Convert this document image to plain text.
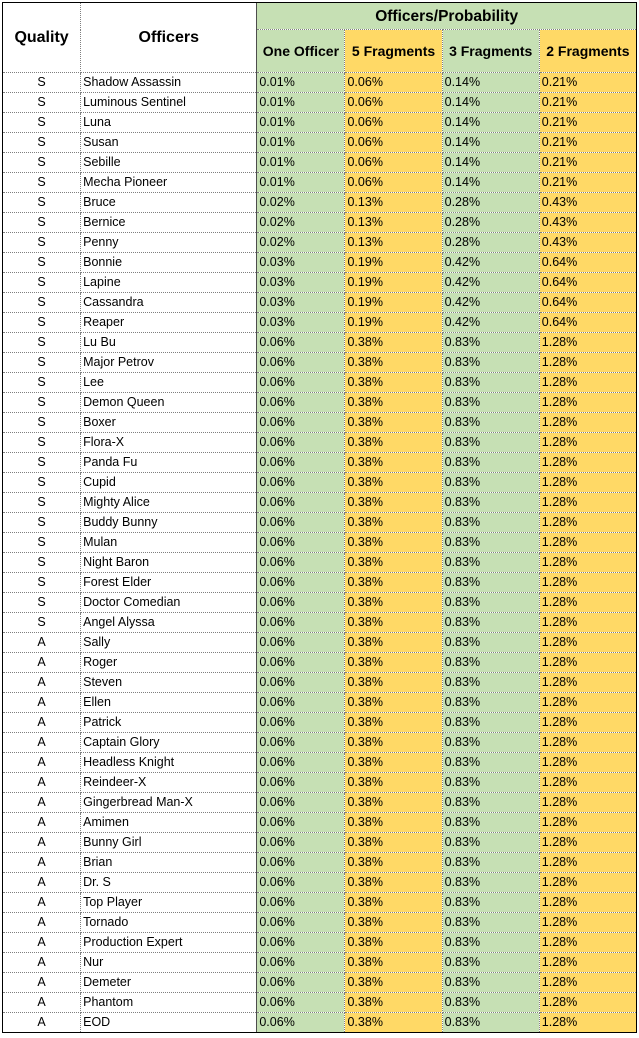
Quality	Officers	Officers/Probability			
		One Officer	5 Fragments	3 Fragments	2 Fragments
S	Shadow Assassin	0.01%	0.06%	0.14%	0.21%
S	Luminous Sentinel	0.01%	0.06%	0.14%	0.21%
S	Luna	0.01%	0.06%	0.14%	0.21%
S	Susan	0.01%	0.06%	0.14%	0.21%
S	Sebille	0.01%	0.06%	0.14%	0.21%
S	Mecha Pioneer	0.01%	0.06%	0.14%	0.21%
S	Bruce	0.02%	0.13%	0.28%	0.43%
S	Bernice	0.02%	0.13%	0.28%	0.43%
S	Penny	0.02%	0.13%	0.28%	0.43%
S	Bonnie	0.03%	0.19%	0.42%	0.64%
S	Lapine	0.03%	0.19%	0.42%	0.64%
S	Cassandra	0.03%	0.19%	0.42%	0.64%
S	Reaper	0.03%	0.19%	0.42%	0.64%
S	Lu Bu	0.06%	0.38%	0.83%	1.28%
S	Major Petrov	0.06%	0.38%	0.83%	1.28%
S	Lee	0.06%	0.38%	0.83%	1.28%
S	Demon Queen	0.06%	0.38%	0.83%	1.28%
S	Boxer	0.06%	0.38%	0.83%	1.28%
S	Flora-X	0.06%	0.38%	0.83%	1.28%
S	Panda Fu	0.06%	0.38%	0.83%	1.28%
S	Cupid	0.06%	0.38%	0.83%	1.28%
S	Mighty Alice	0.06%	0.38%	0.83%	1.28%
S	Buddy Bunny	0.06%	0.38%	0.83%	1.28%
S	Mulan	0.06%	0.38%	0.83%	1.28%
S	Night Baron	0.06%	0.38%	0.83%	1.28%
S	Forest Elder	0.06%	0.38%	0.83%	1.28%
S	Doctor Comedian	0.06%	0.38%	0.83%	1.28%
S	Angel Alyssa	0.06%	0.38%	0.83%	1.28%
A	Sally	0.06%	0.38%	0.83%	1.28%
A	Roger	0.06%	0.38%	0.83%	1.28%
A	Steven	0.06%	0.38%	0.83%	1.28%
A	Ellen	0.06%	0.38%	0.83%	1.28%
A	Patrick	0.06%	0.38%	0.83%	1.28%
A	Captain Glory	0.06%	0.38%	0.83%	1.28%
A	Headless Knight	0.06%	0.38%	0.83%	1.28%
A	Reindeer-X	0.06%	0.38%	0.83%	1.28%
A	Gingerbread Man-X	0.06%	0.38%	0.83%	1.28%
A	Amimen	0.06%	0.38%	0.83%	1.28%
A	Bunny Girl	0.06%	0.38%	0.83%	1.28%
A	Brian	0.06%	0.38%	0.83%	1.28%
A	Dr. S	0.06%	0.38%	0.83%	1.28%
A	Top Player	0.06%	0.38%	0.83%	1.28%
A	Tornado	0.06%	0.38%	0.83%	1.28%
A	Production Expert	0.06%	0.38%	0.83%	1.28%
A	Nur	0.06%	0.38%	0.83%	1.28%
A	Demeter	0.06%	0.38%	0.83%	1.28%
A	Phantom	0.06%	0.38%	0.83%	1.28%
A	EOD	0.06%	0.38%	0.83%	1.28%
